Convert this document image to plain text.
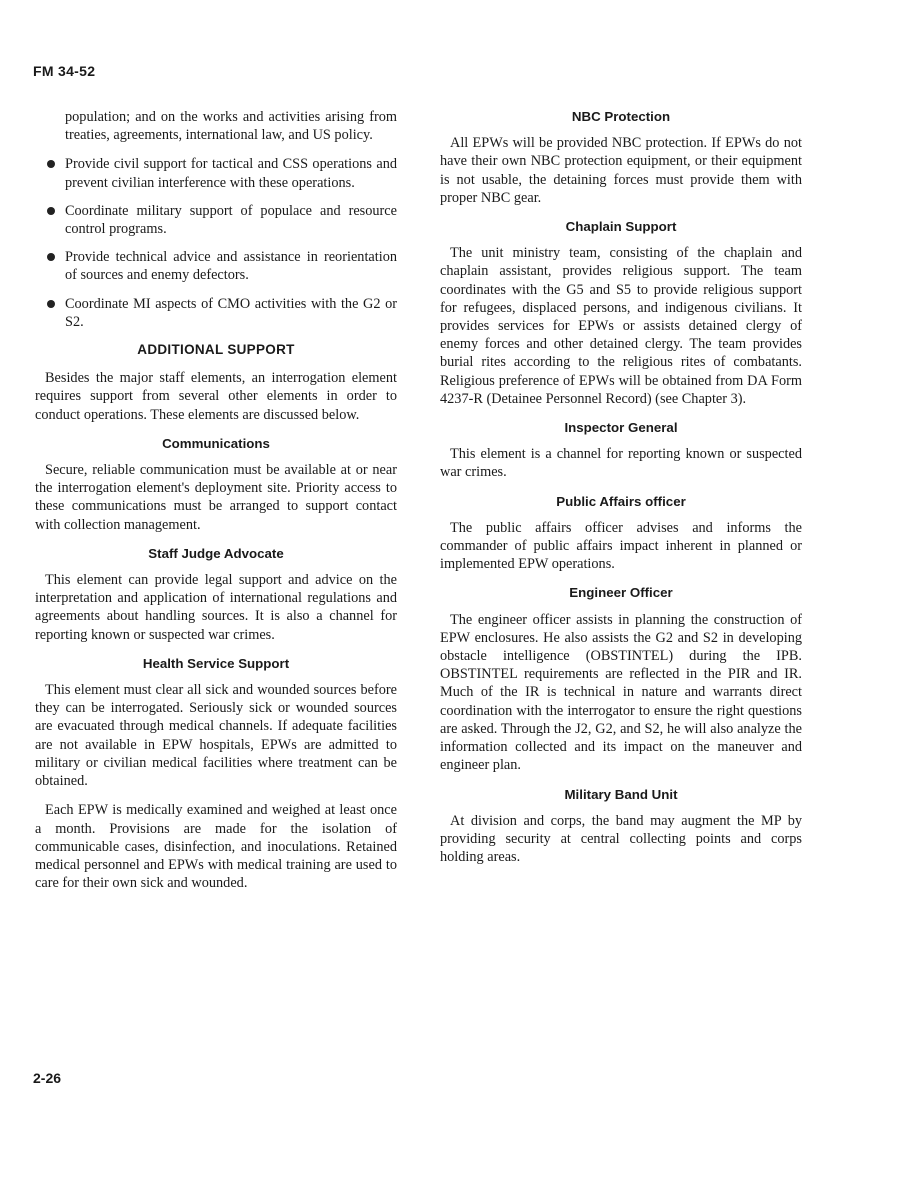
FM 34-52

population; and on the works and activities arising from treaties, agreements, international law, and US policy.

Provide civil support for tactical and CSS operations and prevent civilian interference with these operations.
Coordinate military support of populace and resource control programs.
Provide technical advice and assistance in reorientation of sources and enemy defectors.
Coordinate MI aspects of CMO activities with the G2 or S2.
ADDITIONAL SUPPORT

Besides the major staff elements, an interrogation element requires support from several other elements in order to conduct operations. These elements are discussed below.

Communications

Secure, reliable communication must be available at or near the interrogation element's deployment site. Priority access to these communications must be arranged to support contact with collection management.

Staff Judge Advocate

This element can provide legal support and advice on the interpretation and application of international regulations and agreements about handling sources. It is also a channel for reporting known or suspected war crimes.

Health Service Support

This element must clear all sick and wounded sources before they can be interrogated. Seriously sick or wounded sources are evacuated through medical channels. If adequate facilities are not available in EPW hospitals, EPWs are admitted to military or civilian medical facilities where treatment can be obtained.

Each EPW is medically examined and weighed at least once a month. Provisions are made for the isolation of communicable cases, disinfection, and inoculations. Retained medical personnel and EPWs with medical training are used to care for their own sick and wounded.

NBC Protection

All EPWs will be provided NBC protection. If EPWs do not have their own NBC protection equipment, or their equipment is not usable, the detaining forces must provide them with proper NBC gear.

Chaplain Support

The unit ministry team, consisting of the chaplain and chaplain assistant, provides religious support. The team coordinates with the G5 and S5 to provide religious support for refugees, displaced persons, and indigenous civilians. It provides services for EPWs or assists detained clergy of enemy forces and other detained clergy. The team provides burial rites according to the religious rites of combatants. Religious preference of EPWs will be obtained from DA Form 4237-R (Detainee Personnel Record) (see Chapter 3).

Inspector General

This element is a channel for reporting known or suspected war crimes.

Public Affairs officer

The public affairs officer advises and informs the commander of public affairs impact inherent in planned or implemented EPW operations.

Engineer Officer

The engineer officer assists in planning the construction of EPW enclosures. He also assists the G2 and S2 in developing obstacle intelligence (OBSTINTEL) during the IPB. OBSTINTEL requirements are reflected in the PIR and IR. Much of the IR is technical in nature and warrants direct coordination with the interrogator to ensure the right questions are asked. Through the J2, G2, and S2, he will also analyze the information collected and its impact on the maneuver and engineer plan.

Military Band Unit

At division and corps, the band may augment the MP by providing security at central collecting points and corps holding areas.

2-26
